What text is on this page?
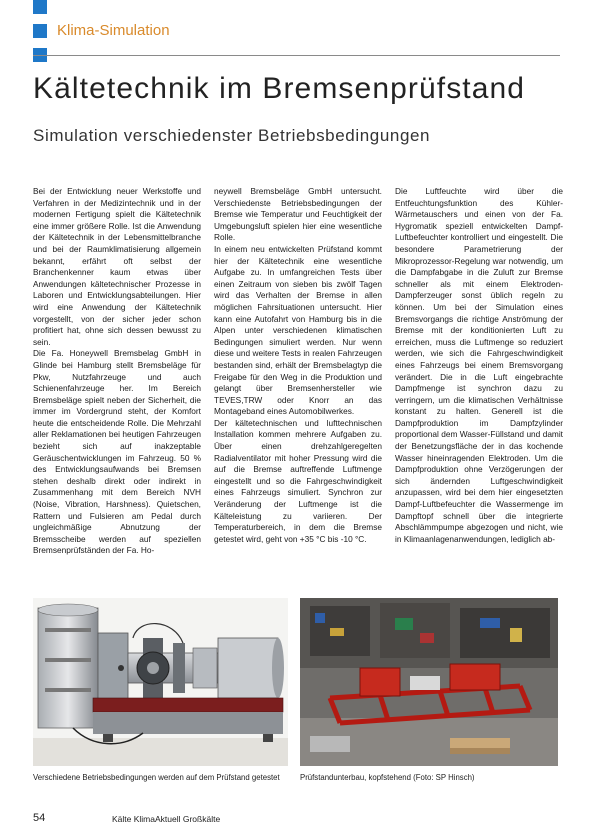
Klima-Simulation
Kältetechnik im Bremsenprüfstand
Simulation verschiedenster Betriebsbedingungen

Bei der Entwicklung neuer Werkstoffe und Verfahren in der Medizintechnik und in der modernen Fertigung spielt die Kältetechnik eine immer größere Rolle. Ist die Anwendung der Kältetechnik in der Lebensmittelbranche und bei der Raumklimatisierung allgemein bekannt, erfährt oft selbst der Branchenkenner kaum etwas über Anwendungen kältetechnischer Prozesse in Laboren und Entwicklungsabteilungen. Hier wird eine Anwendung der Kältetechnik vorgestellt, von der sicher jeder schon profitiert hat, ohne sich dessen bewusst zu sein.

Die Fa. Honeywell Bremsbelag GmbH in Glinde bei Hamburg stellt Bremsbeläge für Pkw, Nutzfahrzeuge und auch Schienenfahrzeuge her. Im Bereich Bremsbeläge spielt neben der Sicherheit, die immer im Vordergrund steht, der Komfort heute die entscheidende Rolle. Die Mehrzahl aller Reklamationen bei heutigen Fahrzeugen bezieht sich auf inakzeptable Geräuschentwicklungen im Fahrzeug. 50 % des Entwicklungsaufwands bei Bremsen stehen deshalb direkt oder indirekt in Zusammenhang mit dem Bereich NVH (Noise, Vibration, Harshness). Quietschen, Rattern und Fulsieren am Pedal durch ungleichmäßige Abnutzung der Bremsscheibe werden auf speziellen Bremsenprüfständen der Fa. Ho-

neywell Bremsbeläge GmbH untersucht. Verschiedenste Betriebsbedingungen der Bremse wie Temperatur und Feuchtigkeit der Umgebungsluft spielen hier eine wesentliche Rolle.

In einem neu entwickelten Prüfstand kommt hier der Kältetechnik eine wesentliche Aufgabe zu. In umfangreichen Tests über einen Zeitraum von sieben bis zwölf Tagen wird das Verhalten der Bremse in allen möglichen Fahrsituationen untersucht. Hier kann eine Autofahrt von Hamburg bis in die Alpen unter verschiedenen klimatischen Bedingungen simuliert werden. Nur wenn diese und weitere Tests in realen Fahrzeugen bestanden sind, erhält der Bremsbelagtyp die Freigabe für den Weg in die Produktion und gelangt über Bremsenhersteller wie TEVES,TRW oder Knorr an das Montageband eines Automobilwerkes.

Der kältetechnischen und lufttechnischen Installation kommen mehrere Aufgaben zu. Über einen drehzahlgeregelten Radialventilator mit hoher Pressung wird die auf die Bremse auftreffende Luftmenge eingestellt und so die Fahrgeschwindigkeit eines Fahrzeugs simuliert. Synchron zur Veränderung der Luftmenge ist die Kälteleistung zu variieren. Der Temperaturbereich, in dem die Bremse getestet wird, geht von +35 °C bis -10 °C.

Die Luftfeuchte wird über die Entfeuchtungsfunktion des Kühler-Wärmetauschers und einen von der Fa. Hygromatik speziell entwickelten Dampf-Luftbefeuchter kontrolliert und eingestellt. Die besondere Parametrierung der Mikroprozessor-Regelung war notwendig, um die Dampfabgabe in die Zuluft zur Bremse schneller als mit einem Elektroden-Dampferzeuger sonst üblich regeln zu können. Um bei der Simulation eines Bremsvorgangs die richtige Anströmung der Bremse mit der konditionierten Luft zu erreichen, muss die Luftmenge so reduziert werden, wie sich die Fahrgeschwindigkeit eines Fahrzeugs bei einem Bremsvorgang verändert. Die in die Luft eingebrachte Dampfmenge ist synchron dazu zu verringern, um die klimatischen Verhältnisse konstant zu halten. Generell ist die Dampfproduktion im Dampfzylinder proportional dem Wasser-Füllstand und damit der Benetzungsfläche der in das kochende Wasser hineinragenden Elektroden. Um die Dampfproduktion ohne Verzögerungen der sich ändernden Luftgeschwindigkeit anzupassen, wird bei dem hier eingesetzten Dampf-Luftbefeuchter die Wassermenge im Dampftopf schnell über die integrierte Abschlämmpumpe abgezogen und nicht, wie in Klimaanlagenanwendungen, lediglich ab-

Verschiedene Betriebsbedingungen werden auf dem Prüfstand getestet	Prüfstandunterbau, kopfstehend (Foto: SP Hinsch)
54	Kälte KlimaAktuell Großkälte
